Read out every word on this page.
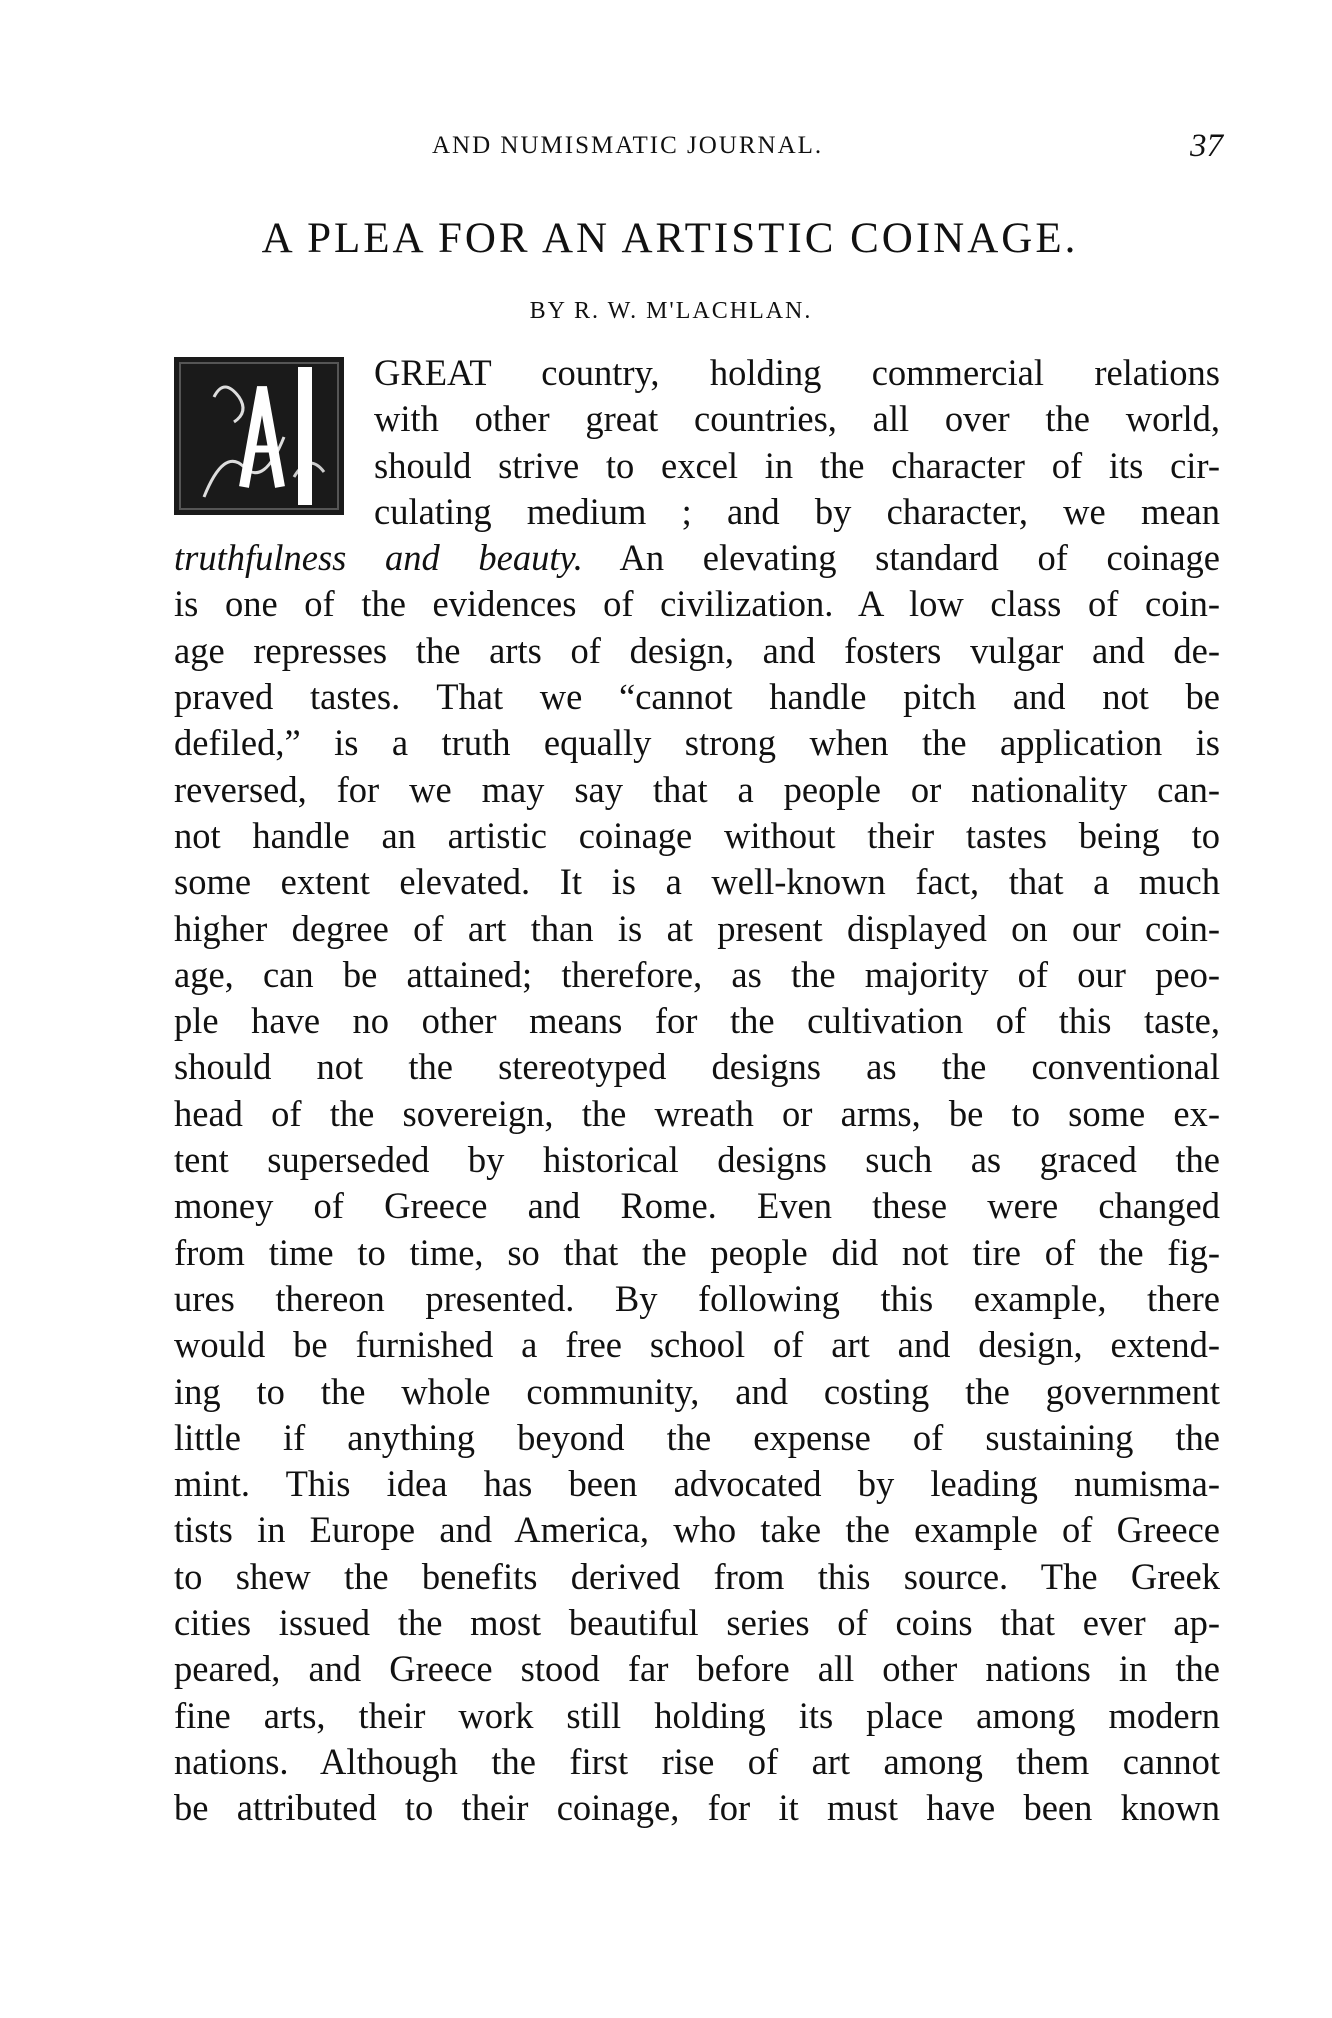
AND NUMISMATIC JOURNAL.	37
A PLEA FOR AN ARTISTIC COINAGE.
BY R. W. M'LACHLAN.
GREAT country, holding commercial relations
with other great countries, all over the world,
should strive to excel in the character of its cir-
culating medium ; and by character, we mean
truthfulness and beauty. An elevating standard of coinage
is one of the evidences of civilization. A low class of coin-
age represses the arts of design, and fosters vulgar and de-
praved tastes. That we “cannot handle pitch and not be
defiled,” is a truth equally strong when the application is
reversed, for we may say that a people or nationality can-
not handle an artistic coinage without their tastes being to
some extent elevated. It is a well-known fact, that a much
higher degree of art than is at present displayed on our coin-
age, can be attained; therefore, as the majority of our peo-
ple have no other means for the cultivation of this taste,
should not the stereotyped designs as the conventional
head of the sovereign, the wreath or arms, be to some ex-
tent superseded by historical designs such as graced the
money of Greece and Rome. Even these were changed
from time to time, so that the people did not tire of the fig-
ures thereon presented. By following this example, there
would be furnished a free school of art and design, extend-
ing to the whole community, and costing the government
little if anything beyond the expense of sustaining the
mint. This idea has been advocated by leading numisma-
tists in Europe and America, who take the example of Greece
to shew the benefits derived from this source. The Greek
cities issued the most beautiful series of coins that ever ap-
peared, and Greece stood far before all other nations in the
fine arts, their work still holding its place among modern
nations. Although the first rise of art among them cannot
be attributed to their coinage, for it must have been known
